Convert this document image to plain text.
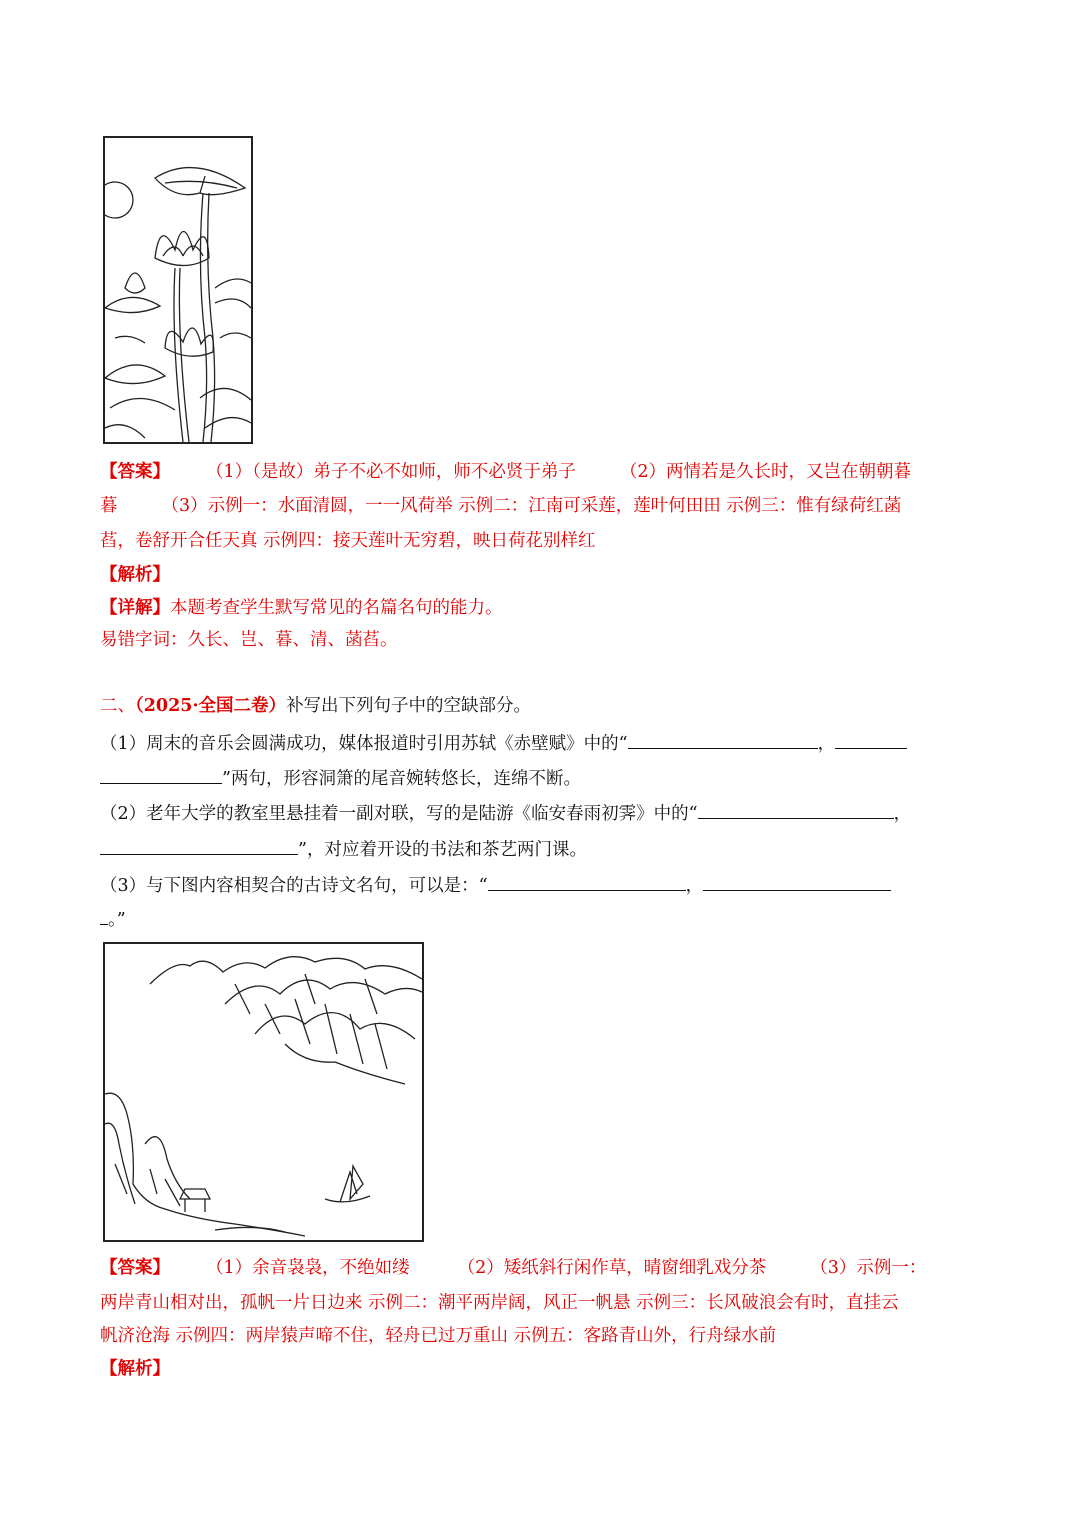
【答案】 （1）（是故）弟子不必不如师，师不必贤于弟子	（2）两情若是久长时，又岂在朝朝暮
暮	（3）示例一：水面清圆，一一风荷举 示例二：江南可采莲，莲叶何田田 示例三：惟有绿荷红菡
萏，卷舒开合任天真 示例四：接天莲叶无穷碧，映日荷花别样红
【解析】
【详解】本题考查学生默写常见的名篇名句的能力。
易错字词：久长、岂、暮、清、菡萏。
二、（2025·全国二卷）补写出下列句子中的空缺部分。
（1）周末的音乐会圆满成功，媒体报道时引用苏轼《赤壁赋》中的“	，
”两句，形容洞箫的尾音婉转悠长，连绵不断。
（2）老年大学的教室里悬挂着一副对联，写的是陆游《临安春雨初霁》中的“	，
”，对应着开设的书法和茶艺两门课。
（3）与下图内容相契合的古诗文名句，可以是：“	，
。”
【答案】 （1）余音袅袅，不绝如缕	（2）矮纸斜行闲作草，晴窗细乳戏分茶	（3）示例一：
两岸青山相对出，孤帆一片日边来 示例二：潮平两岸阔，风正一帆悬 示例三：长风破浪会有时，直挂云
帆济沧海 示例四：两岸猿声啼不住，轻舟已过万重山 示例五：客路青山外，行舟绿水前
【解析】
